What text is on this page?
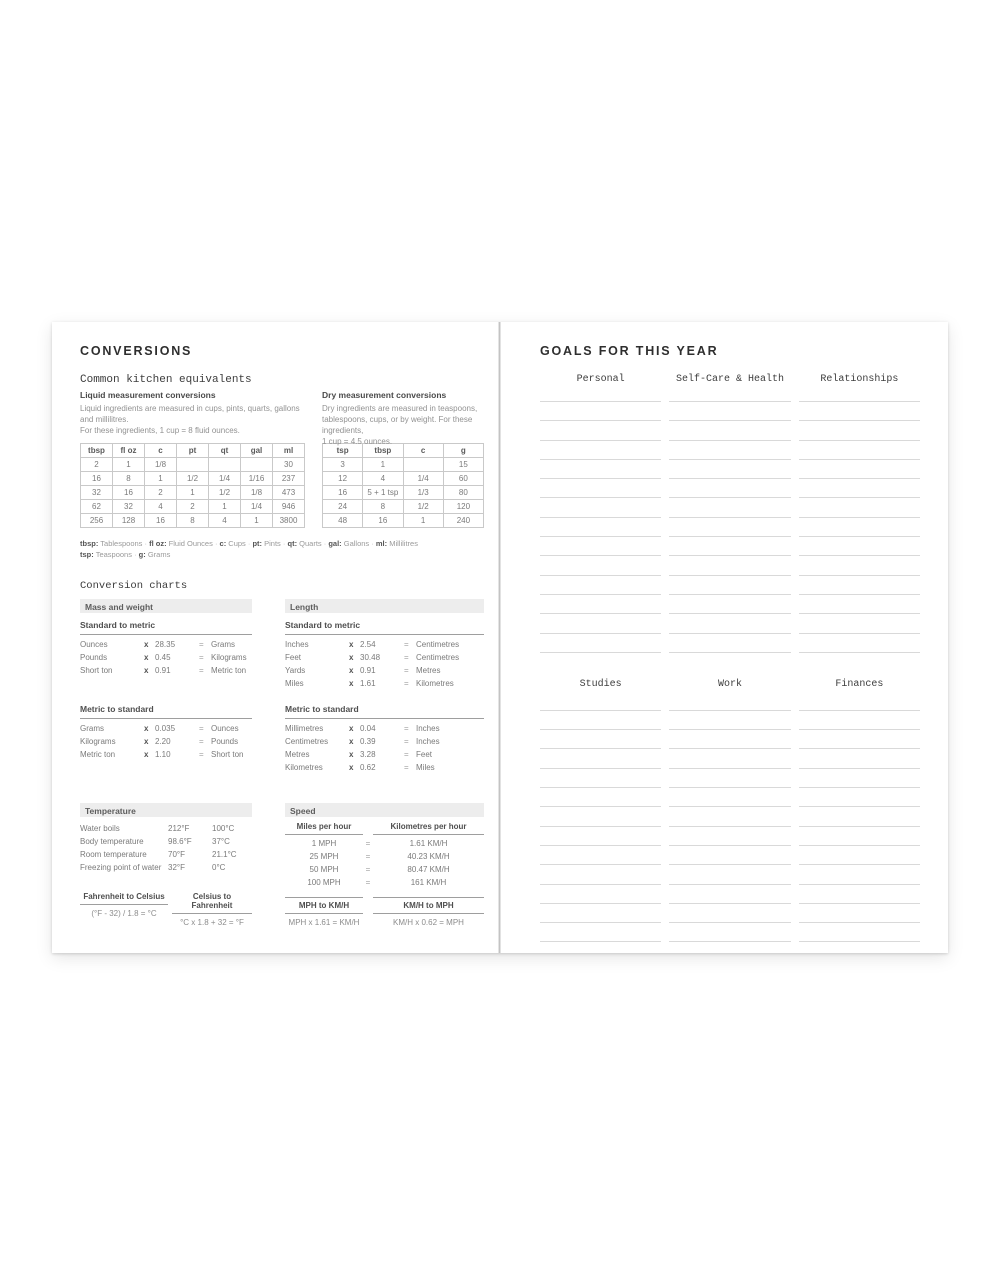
CONVERSIONS
Common kitchen equivalents
Liquid measurement conversions
Liquid ingredients are measured in cups, pints, quarts, gallons and millilitres.
For these ingredients, 1 cup = 8 fluid ounces.
tbsp	fl oz	c	pt	qt	gal	ml
2	1	1/8				30
16	8	1	1/2	1/4	1/16	237
32	16	2	1	1/2	1/8	473
62	32	4	2	1	1/4	946
256	128	16	8	4	1	3800
Dry measurement conversions
Dry ingredients are measured in teaspoons, tablespoons, cups, or by weight. For these ingredients,
1 cup = 4.5 ounces.
tsp	tbsp	c	g
3	1		15
12	4	1/4	60
16	5 + 1 tsp	1/3	80
24	8	1/2	120
48	16	1	240
tbsp: Tablespoons · fl oz: Fluid Ounces · c: Cups · pt: Pints · qt: Quarts · gal: Gallons · ml: Millilitres
tsp: Teaspoons · g: Grams
Conversion charts
Mass and weight
Standard to metric
Ounces	x 28.35	= Grams
Pounds	x 0.45	= Kilograms
Short ton	x 0.91	= Metric ton
Metric to standard
Grams	x 0.035	= Ounces
Kilograms	x 2.20	= Pounds
Metric ton	x 1.10	= Short ton
Temperature
Water boils	212°F	100°C
Body temperature	98.6°F	37°C
Room temperature	70°F	21.1°C
Freezing point of water 32°F	0°C
Fahrenheit to Celsius
(°F - 32) / 1.8 = °C
Celsius to Fahrenheit
°C x 1.8 + 32 = °F
Length
Standard to metric
Inches	x 2.54	= Centimetres
Feet	x 30.48	= Centimetres
Yards	x 0.91	= Metres
Miles	x 1.61	= Kilometres
Metric to standard
Millimetres	x 0.04	= Inches
Centimetres	x 0.39	= Inches
Metres	x 3.28	= Feet
Kilometres	x 0.62	= Miles
Speed
Miles per hour	Kilometres per hour
1 MPH	=	1.61 KM/H
25 MPH	=	40.23 KM/H
50 MPH	=	80.47 KM/H
100 MPH	=	161 KM/H
MPH to KM/H
MPH x 1.61 = KM/H
KM/H to MPH
KM/H x 0.62 = MPH
GOALS FOR THIS YEAR
Personal	Self-Care & Health	Relationships
Studies	Work	Finances
